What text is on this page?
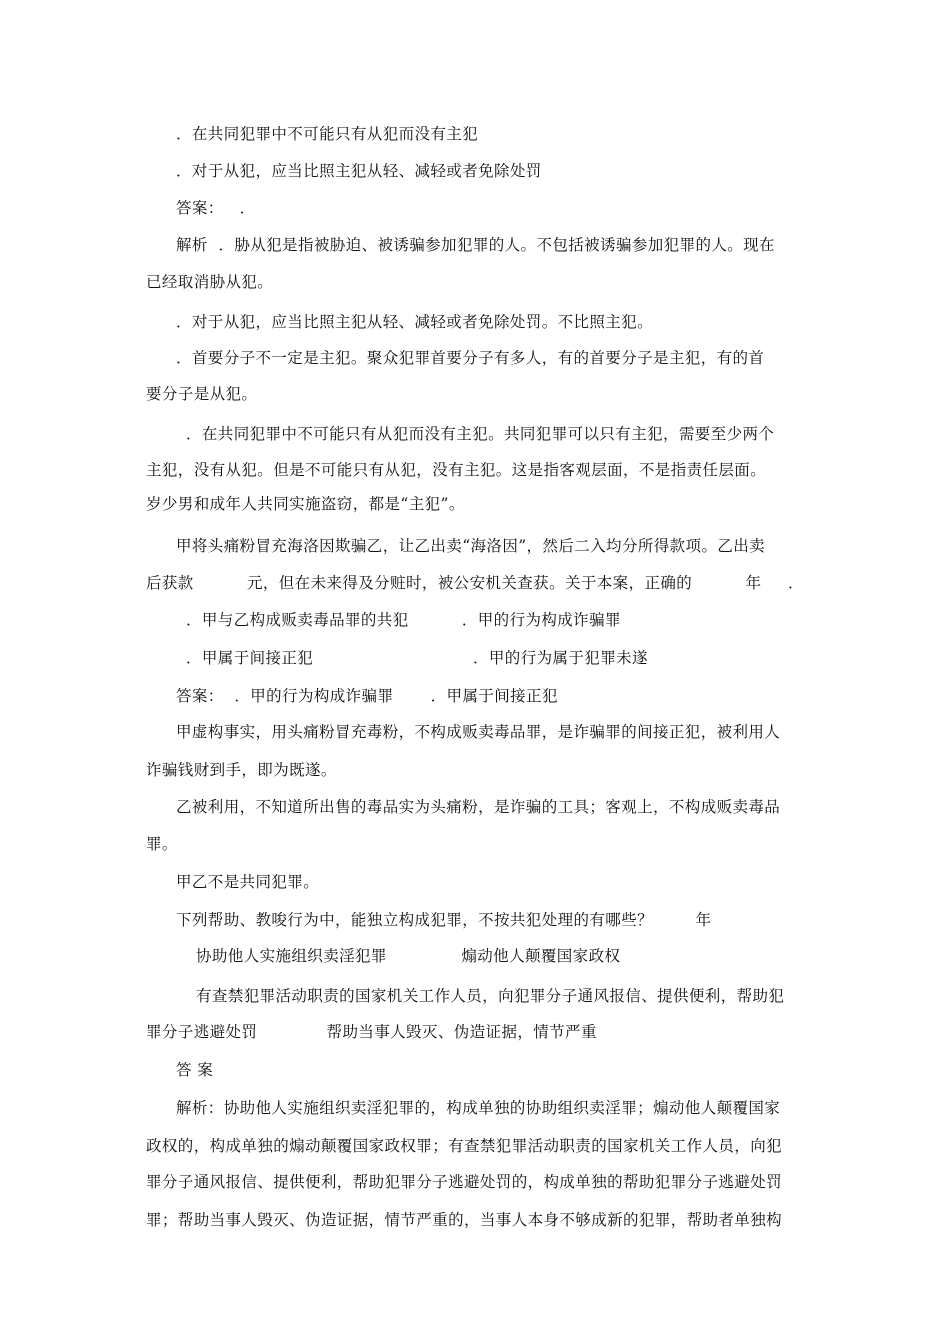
．在共同犯罪中不可能只有从犯而没有主犯
．对于从犯，应当比照主犯从轻、减轻或者免除处罚
答案：   ．
解析  ．胁从犯是指被胁迫、被诱骗参加犯罪的人。不包括被诱骗参加犯罪的人。现在
已经取消胁从犯。
．对于从犯，应当比照主犯从轻、减轻或者免除处罚。不比照主犯。
．首要分子不一定是主犯。聚众犯罪首要分子有多人，有的首要分子是主犯，有的首
要分子是从犯。
．在共同犯罪中不可能只有从犯而没有主犯。共同犯罪可以只有主犯，需要至少两个
主犯，没有从犯。但是不可能只有从犯，没有主犯。这是指客观层面，不是指责任层面。
岁少男和成年人共同实施盗窃，都是“主犯”。
甲将头痛粉冒充海洛因欺骗乙，让乙出卖“海洛因”，然后二入均分所得款项。乙出卖
后获款          元，但在未来得及分赃时，被公安机关查获。关于本案，正确的          年     ．
．甲与乙构成贩卖毒品罪的共犯          ．甲的行为构成诈骗罪
．甲属于间接正犯                              ．甲的行为属于犯罪未遂
答案：  ．甲的行为构成诈骗罪       ．甲属于间接正犯
甲虚构事实，用头痛粉冒充毒粉，不构成贩卖毒品罪，是诈骗罪的间接正犯，被利用人
诈骗钱财到手，即为既遂。
乙被利用，不知道所出售的毒品实为头痛粉，是诈骗的工具；客观上，不构成贩卖毒品
罪。
甲乙不是共同犯罪。
下列帮助、教唆行为中，能独立构成犯罪，不按共犯处理的有哪些？        年
协助他人实施组织卖淫犯罪              煽动他人颠覆国家政权
有查禁犯罪活动职责的国家机关工作人员，向犯罪分子通风报信、提供便利，帮助犯
罪分子逃避处罚             帮助当事人毁灭、伪造证据，情节严重
答 案
解析：协助他人实施组织卖淫犯罪的，构成单独的协助组织卖淫罪；煽动他人颠覆国家
政权的，构成单独的煽动颠覆国家政权罪；有查禁犯罪活动职责的国家机关工作人员，向犯
罪分子通风报信、提供便利，帮助犯罪分子逃避处罚的，构成单独的帮助犯罪分子逃避处罚
罪；帮助当事人毁灭、伪造证据，情节严重的，当事人本身不够成新的犯罪，帮助者单独构
